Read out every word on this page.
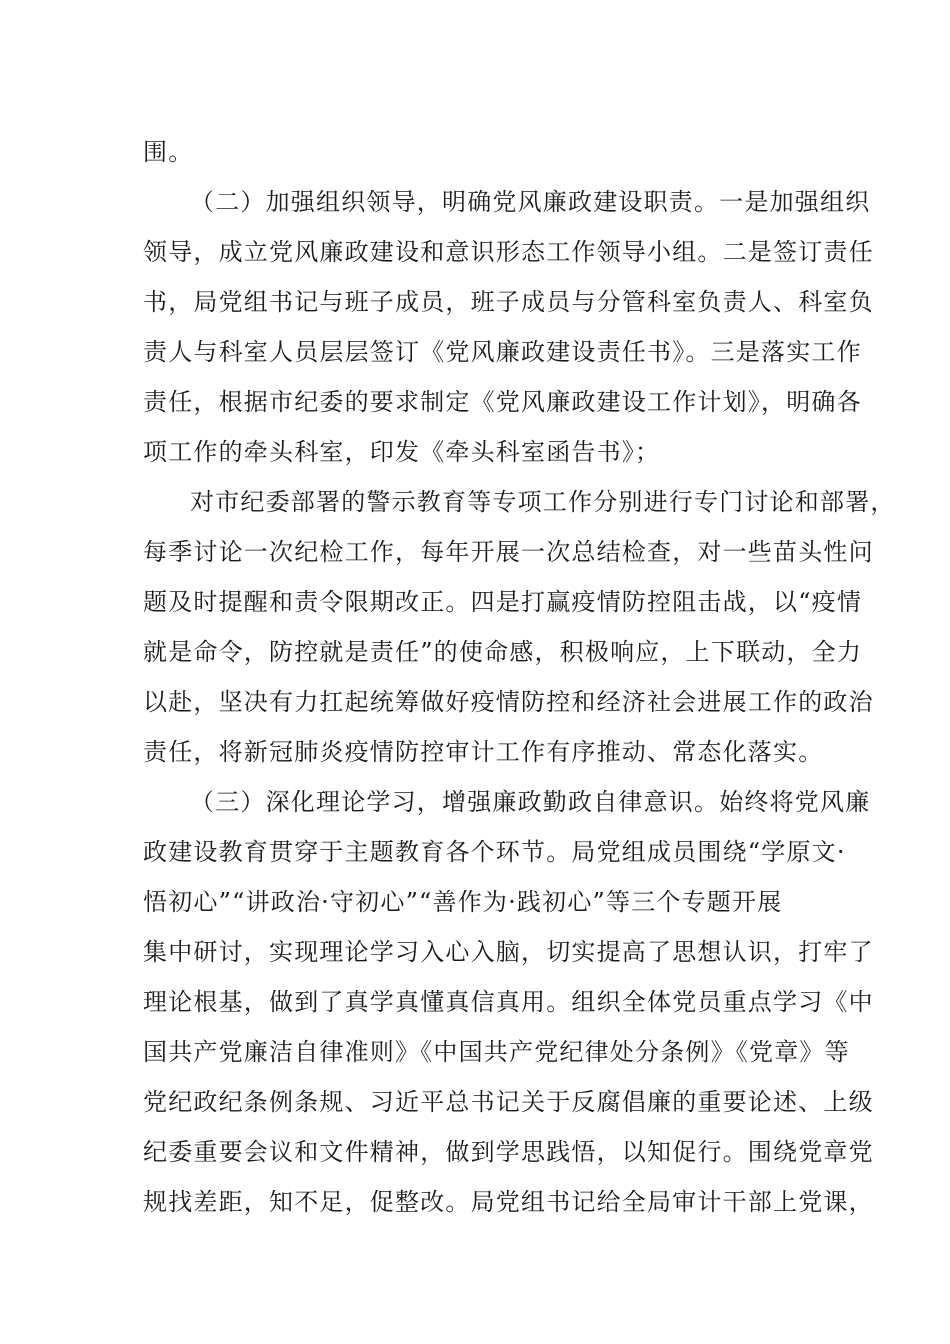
围。
（二）加强组织领导，明确党风廉政建设职责。一是加强组织
领导，成立党风廉政建设和意识形态工作领导小组。二是签订责任
书，局党组书记与班子成员，班子成员与分管科室负责人、科室负
责人与科室人员层层签订《党风廉政建设责任书》。三是落实工作
责任，根据市纪委的要求制定《党风廉政建设工作计划》，明确各
项工作的牵头科室，印发《牵头科室函告书》；
对市纪委部署的警示教育等专项工作分别进行专门讨论和部署，
每季讨论一次纪检工作，每年开展一次总结检查，对一些苗头性问
题及时提醒和责令限期改正。四是打赢疫情防控阻击战，以“疫情
就是命令，防控就是责任”的使命感，积极响应，上下联动，全力
以赴，坚决有力扛起统筹做好疫情防控和经济社会进展工作的政治
责任，将新冠肺炎疫情防控审计工作有序推动、常态化落实。
（三）深化理论学习，增强廉政勤政自律意识。始终将党风廉
政建设教育贯穿于主题教育各个环节。局党组成员围绕“学原文·
悟初心”“讲政治·守初心”“善作为·践初心”等三个专题开展
集中研讨，实现理论学习入心入脑，切实提高了思想认识，打牢了
理论根基，做到了真学真懂真信真用。组织全体党员重点学习《中
国共产党廉洁自律准则》《中国共产党纪律处分条例》《党章》等
党纪政纪条例条规、习近平总书记关于反腐倡廉的重要论述、上级
纪委重要会议和文件精神，做到学思践悟，以知促行。围绕党章党
规找差距，知不足，促整改。局党组书记给全局审计干部上党课，
